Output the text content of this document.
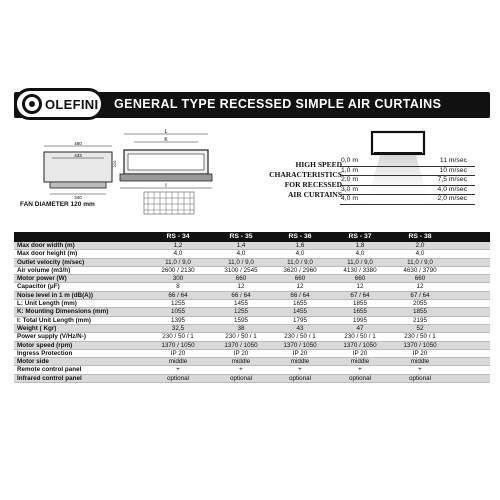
OLEFINI GENERAL TYPE RECESSED SIMPLE AIR CURTAINS
460
433
340
L
K
I
220
FAN DIAMETER 120 mm
HIGH SPEED
CHARACTERISTICS
FOR RECESSED
AIR CURTAINS
0,0 m	11 m/sec
1,0 m	10 m/sec
2,0 m	7,5 m/sec
3,0 m	4,0 m/sec
4,0 m	2,0 m/sec
RS - 34	RS - 35	RS - 36	RS - 37	RS - 38
Max door width (m)	1,2	1,4	1,6	1,8	2,0
Max door height (m)	4,0	4,0	4,0	4,0	4,0
Outlet velocity (m/sec)	11,0 / 9,0	11,0 / 9,0	11,0 / 9,0	11,0 / 9,0	11,0 / 9,0
Air volume (m3/h)	2600 / 2130	3100 / 2545	3620 / 2960	4130 / 3380	4630 / 3790
Motor power (W)	300	660	660	660	660
Capacitor (μF)	8	12	12	12	12
Noise level in 1 m (dB(A))	66 / 64	66 / 64	66 / 64	67 / 64	67 / 64
L: Unit Length (mm)	1255	1455	1655	1855	2055
K: Mounting Dimensions (mm)	1055	1255	1455	1655	1855
I: Total Unit Length (mm)	1395	1595	1795	1995	2195
Weight ( Kgr)	32,5	38	43	47	52
Power supply (V/Hz/N-)	230 / 50 / 1	230 / 50 / 1	230 / 50 / 1	230 / 50 / 1	230 / 50 / 1
Motor speed (rpm)	1370 / 1050	1370 / 1050	1370 / 1050	1370 / 1050	1370 / 1050
Ingress Protection	IP 20	IP 20	IP 20	IP 20	IP 20
Motor side	middle	middle	middle	middle	middle
Remote control panel	+	+	+	+	+
Infrared control panel	optional	optional	optional	optional	optional
